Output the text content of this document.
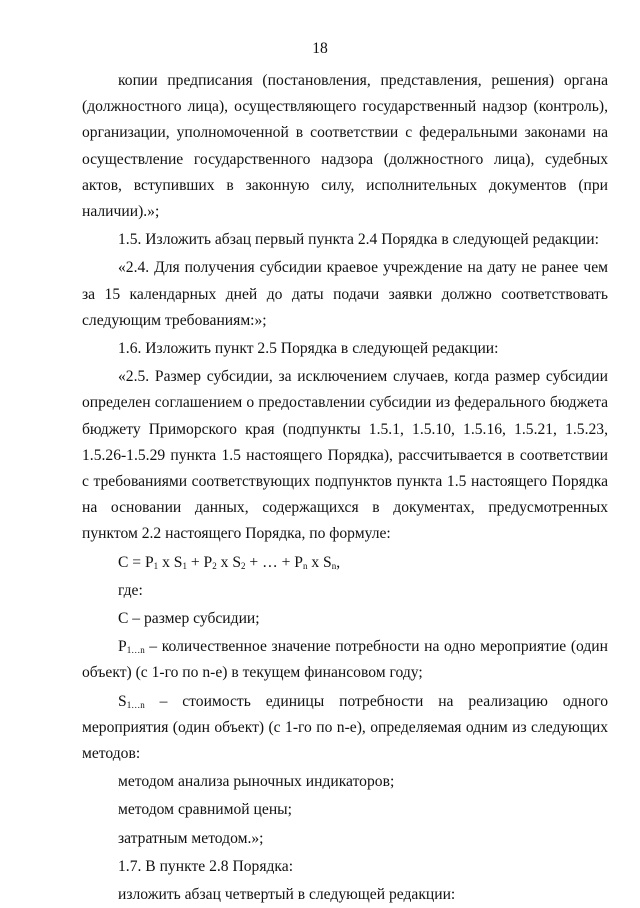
18

копии предписания (постановления, представления, решения) органа (должностного лица), осуществляющего государственный надзор (контроль), организации, уполномоченной в соответствии с федеральными законами на осуществление государственного надзора (должностного лица), судебных актов, вступивших в законную силу, исполнительных документов (при наличии).»;

1.5. Изложить абзац первый пункта 2.4 Порядка в следующей редакции:

«2.4. Для получения субсидии краевое учреждение на дату не ранее чем за 15 календарных дней до даты подачи заявки должно соответствовать следующим требованиям:»;

1.6. Изложить пункт 2.5 Порядка в следующей редакции:

«2.5. Размер субсидии, за исключением случаев, когда размер субсидии определен соглашением о предоставлении субсидии из федерального бюджета бюджету Приморского края (подпункты 1.5.1, 1.5.10, 1.5.16, 1.5.21, 1.5.23, 1.5.26-1.5.29 пункта 1.5 настоящего Порядка), рассчитывается в соответствии с требованиями соответствующих подпунктов пункта 1.5 настоящего Порядка на основании данных, содержащихся в документах, предусмотренных пунктом 2.2 настоящего Порядка, по формуле:

$С = Р_1$ х $S_1 + Р_2$ х $S_2$ + … + $Р_n$ х $S_n$,

где:

С – размер субсидии;

$Р_{1\dots n}$ – количественное значение потребности на одно мероприятие (один объект) (с 1-го по n-е) в текущем финансовом году;

$S_{1\dots n}$ – стоимость единицы потребности на реализацию одного мероприятия (один объект) (с 1-го по n-е), определяемая одним из следующих методов:

методом анализа рыночных индикаторов;

методом сравнимой цены;

затратным методом.»;

1.7. В пункте 2.8 Порядка:

изложить абзац четвертый в следующей редакции:
